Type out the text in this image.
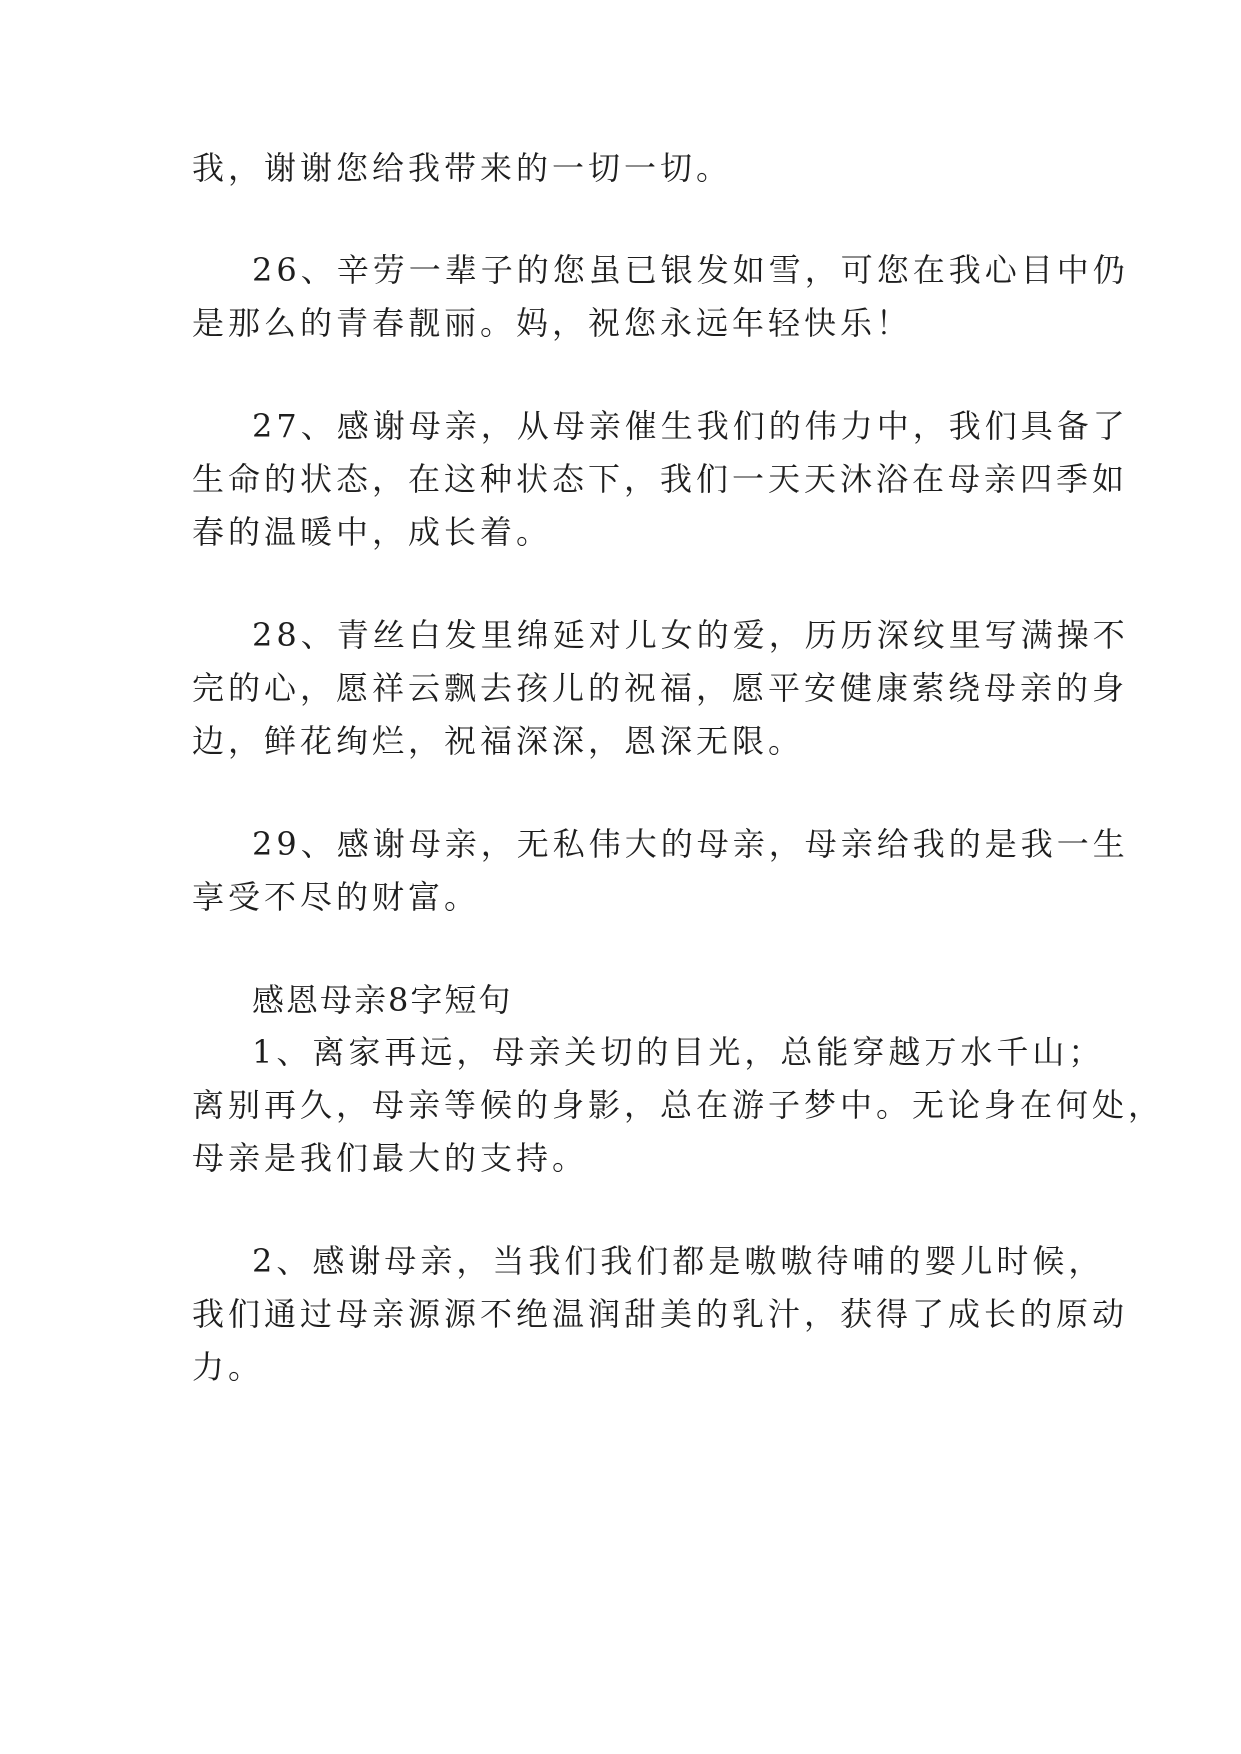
我，谢谢您给我带来的一切一切。
26、辛劳一辈子的您虽已银发如雪，可您在我心目中仍
是那么的青春靓丽。妈，祝您永远年轻快乐！
27、感谢母亲，从母亲催生我们的伟力中，我们具备了
生命的状态，在这种状态下，我们一天天沐浴在母亲四季如
春的温暖中，成长着。
28、青丝白发里绵延对儿女的爱，历历深纹里写满操不
完的心，愿祥云飘去孩儿的祝福，愿平安健康萦绕母亲的身
边，鲜花绚烂，祝福深深，恩深无限。
29、感谢母亲，无私伟大的母亲，母亲给我的是我一生
享受不尽的财富。
感恩母亲8字短句
1、离家再远，母亲关切的目光，总能穿越万水千山；
离别再久，母亲等候的身影，总在游子梦中。无论身在何处，
母亲是我们最大的支持。
2、感谢母亲，当我们我们都是嗷嗷待哺的婴儿时候，
我们通过母亲源源不绝温润甜美的乳汁，获得了成长的原动
力。
